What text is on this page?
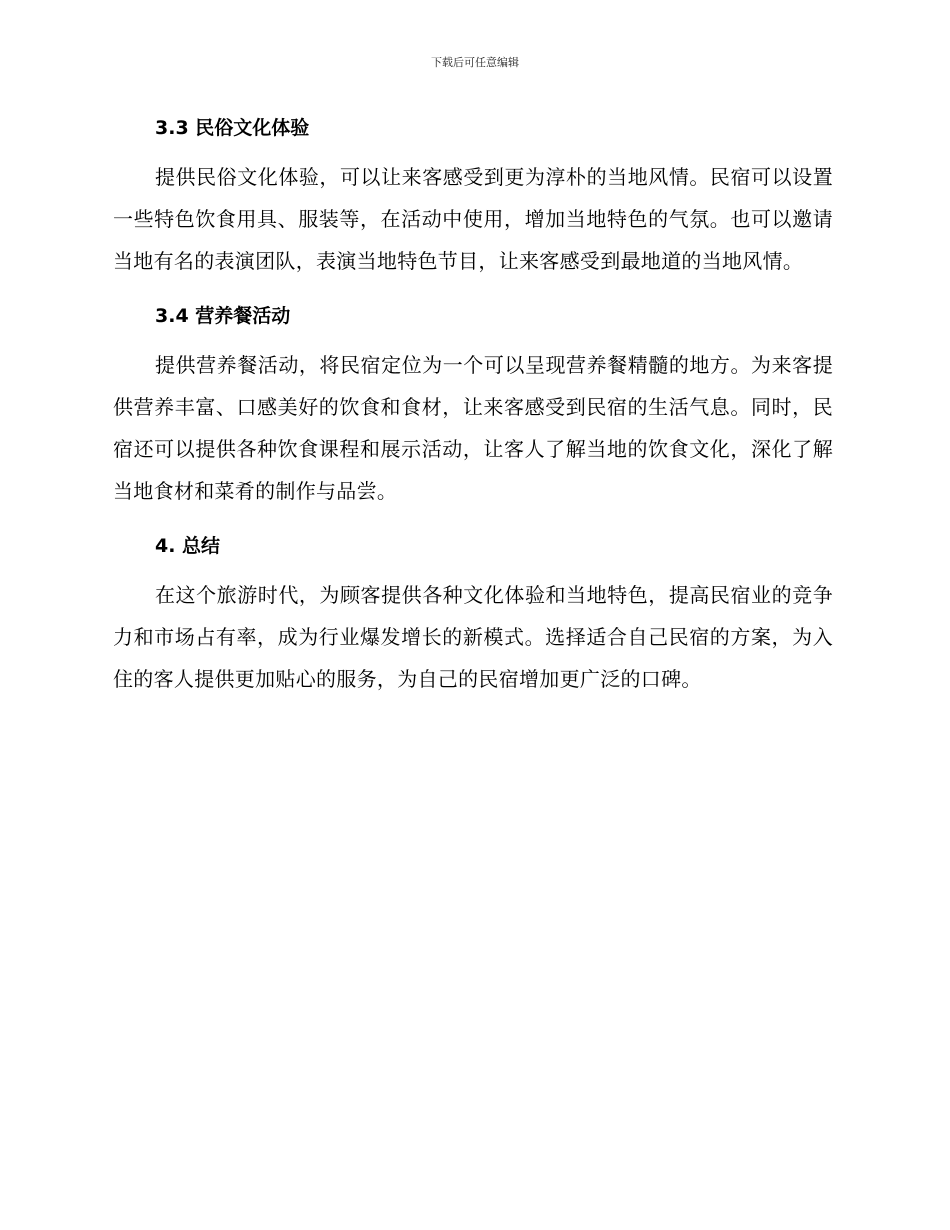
下载后可任意编辑
3.3 民俗文化体验

提供民俗文化体验，可以让来客感受到更为淳朴的当地风情。民宿可以设置一些特色饮食用具、服装等，在活动中使用，增加当地特色的气氛。也可以邀请当地有名的表演团队，表演当地特色节目，让来客感受到最地道的当地风情。

3.4 营养餐活动

提供营养餐活动，将民宿定位为一个可以呈现营养餐精髓的地方。为来客提供营养丰富、口感美好的饮食和食材，让来客感受到民宿的生活气息。同时，民宿还可以提供各种饮食课程和展示活动，让客人了解当地的饮食文化，深化了解当地食材和菜肴的制作与品尝。

4. 总结

在这个旅游时代，为顾客提供各种文化体验和当地特色，提高民宿业的竞争力和市场占有率，成为行业爆发增长的新模式。选择适合自己民宿的方案，为入住的客人提供更加贴心的服务，为自己的民宿增加更广泛的口碑。
